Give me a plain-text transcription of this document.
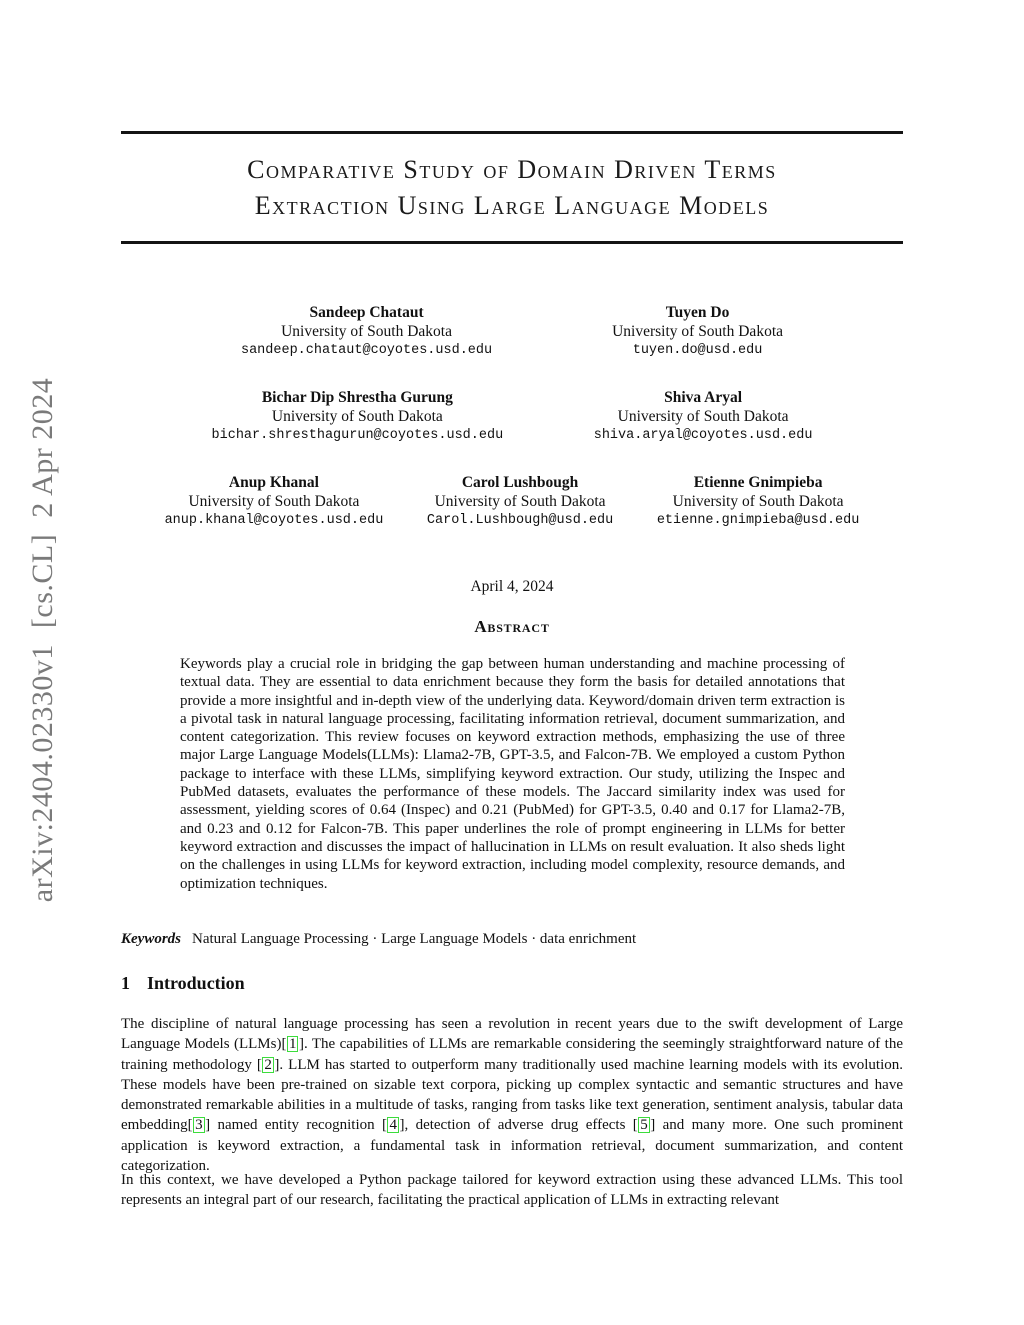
arXiv:2404.02330v1  [cs.CL]  2 Apr 2024
Comparative Study of Domain Driven Terms
Extraction Using Large Language Models
Sandeep Chataut
University of South Dakota
sandeep.chataut@coyotes.usd.edu
Tuyen Do
University of South Dakota
tuyen.do@usd.edu
Bichar Dip Shrestha Gurung
University of South Dakota
bichar.shresthagurun@coyotes.usd.edu
Shiva Aryal
University of South Dakota
shiva.aryal@coyotes.usd.edu
Anup Khanal
University of South Dakota
anup.khanal@coyotes.usd.edu
Carol Lushbough
University of South Dakota
Carol.Lushbough@usd.edu
Etienne Gnimpieba
University of South Dakota
etienne.gnimpieba@usd.edu
April 4, 2024
Abstract
Keywords play a crucial role in bridging the gap between human understanding and machine processing of textual data. They are essential to data enrichment because they form the basis for detailed annotations that provide a more insightful and in-depth view of the underlying data. Keyword/domain driven term extraction is a pivotal task in natural language processing, facilitating information retrieval, document summarization, and content categorization. This review focuses on keyword extraction methods, emphasizing the use of three major Large Language Models(LLMs): Llama2-7B, GPT-3.5, and Falcon-7B. We employed a custom Python package to interface with these LLMs, simplifying keyword extraction. Our study, utilizing the Inspec and PubMed datasets, evaluates the performance of these models. The Jaccard similarity index was used for assessment, yielding scores of 0.64 (Inspec) and 0.21 (PubMed) for GPT-3.5, 0.40 and 0.17 for Llama2-7B, and 0.23 and 0.12 for Falcon-7B. This paper underlines the role of prompt engineering in LLMs for better keyword extraction and discusses the impact of hallucination in LLMs on result evaluation. It also sheds light on the challenges in using LLMs for keyword extraction, including model complexity, resource demands, and optimization techniques.
Keywords Natural Language Processing · Large Language Models · data enrichment
1 Introduction
The discipline of natural language processing has seen a revolution in recent years due to the swift development of Large Language Models (LLMs)[ 1 ]. The capabilities of LLMs are remarkable considering the seemingly straightforward nature of the training methodology [ 2 ]. LLM has started to outperform many traditionally used machine learning models with its evolution. These models have been pre-trained on sizable text corpora, picking up complex syntactic and semantic structures and have demonstrated remarkable abilities in a multitude of tasks, ranging from tasks like text generation, sentiment analysis, tabular data embedding[ 3 ] named entity recognition [ 4 ], detection of adverse drug effects [ 5 ] and many more. One such prominent application is keyword extraction, a fundamental task in information retrieval, document summarization, and content categorization.
In this context, we have developed a Python package tailored for keyword extraction using these advanced LLMs. This tool represents an integral part of our research, facilitating the practical application of LLMs in extracting relevant
